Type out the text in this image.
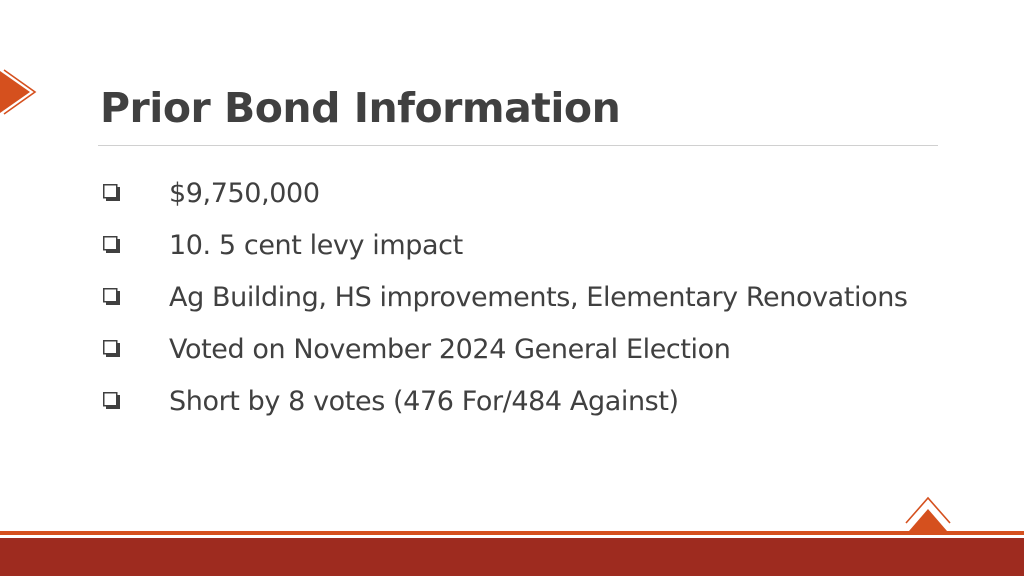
Prior Bond Information
$9,750,000
10. 5 cent levy impact
Ag Building, HS improvements, Elementary Renovations
Voted on November 2024 General Election
Short by 8 votes (476 For/484 Against)
